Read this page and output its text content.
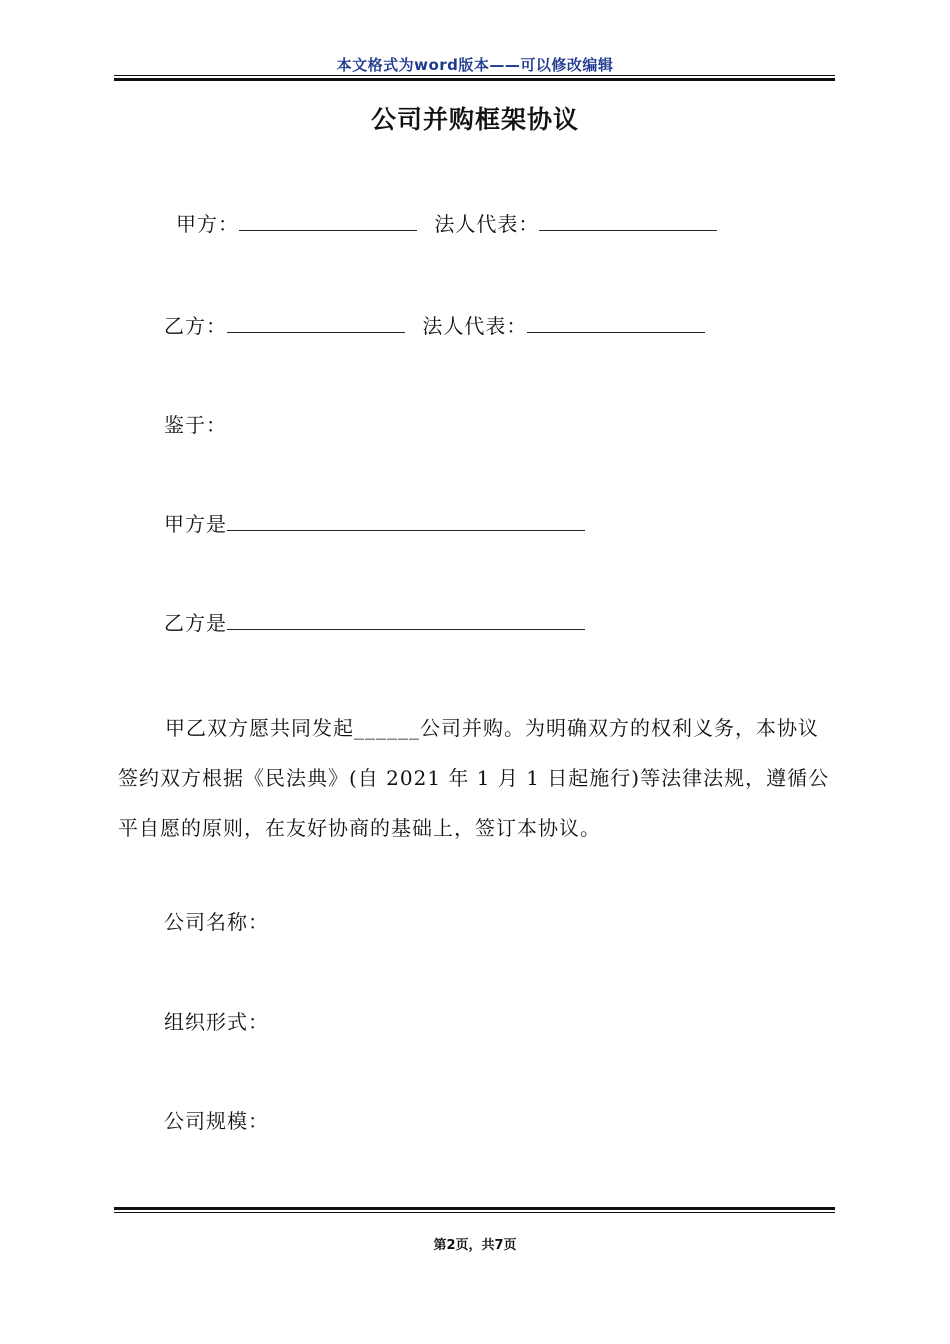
本文格式为word版本——可以修改编辑
公司并购框架协议
甲方：	法人代表：
乙方：	法人代表：
鉴于：
甲方是
乙方是
甲乙双方愿共同发起______公司并购。为明确双方的权利义务，本协议签约双方根据《民法典》(自 2021 年 1 月 1 日起施行)等法律法规，遵循公平自愿的原则，在友好协商的基础上，签订本协议。
公司名称：
组织形式：
公司规模：
第2页，共7页
